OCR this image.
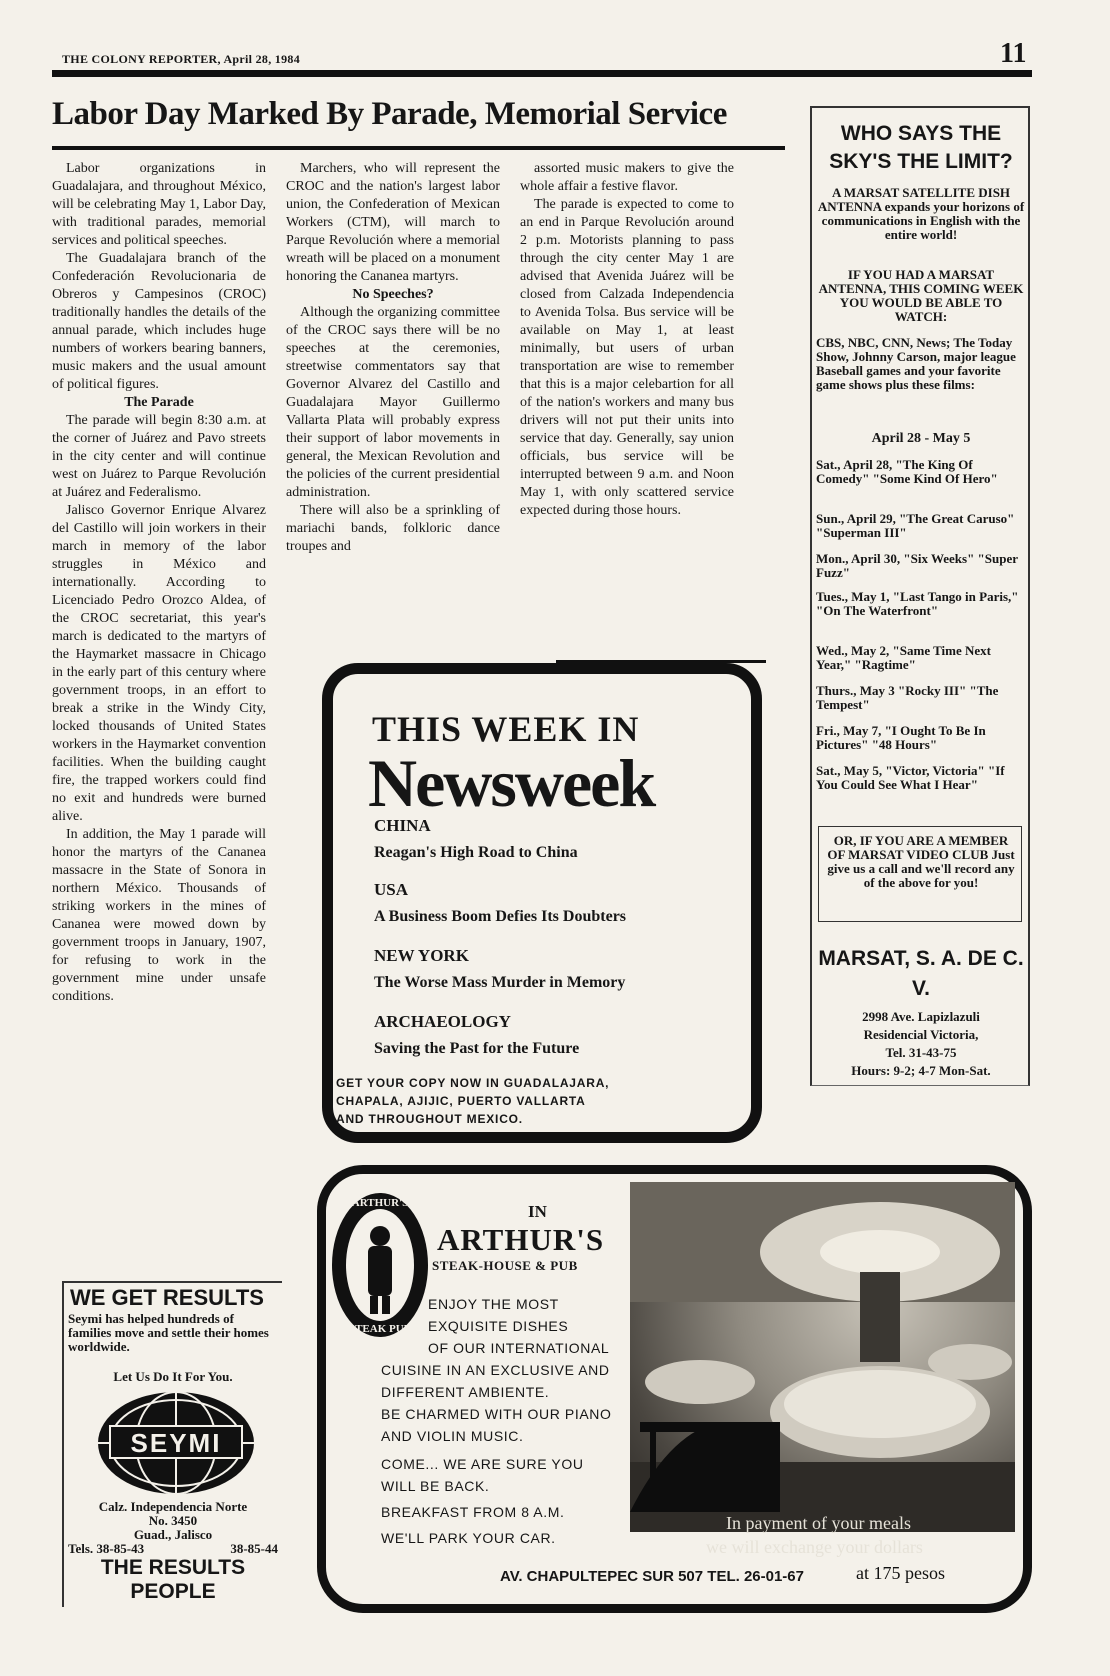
THE COLONY REPORTER, April 28, 1984	11
Labor Day Marked By Parade, Memorial Service

Labor organizations in Guadalajara, and throughout México, will be celebrating May 1, Labor Day, with traditional parades, memorial services and political speeches.

The Guadalajara branch of the Confederación Revolucionaria de Obreros y Campesinos (CROC) traditionally handles the details of the annual parade, which includes huge numbers of workers bearing banners, music makers and the usual amount of political figures.

The Parade

The parade will begin 8:30 a.m. at the corner of Juárez and Pavo streets in the city center and will continue west on Juárez to Parque Revolución at Juárez and Federalismo.

Jalisco Governor Enrique Alvarez del Castillo will join workers in their march in memory of the labor struggles in México and internationally. According to Licenciado Pedro Orozco Aldea, of the CROC secretariat, this year's march is dedicated to the martyrs of the Haymarket massacre in Chicago in the early part of this century where government troops, in an effort to break a strike in the Windy City, locked thousands of United States workers in the Haymarket convention facilities. When the building caught fire, the trapped workers could find no exit and hundreds were burned alive.

In addition, the May 1 parade will honor the martyrs of the Cananea massacre in the State of Sonora in northern México. Thousands of striking workers in the mines of Cananea were mowed down by government troops in January, 1907, for refusing to work in the government mine under unsafe conditions.

Marchers, who will represent the CROC and the nation's largest labor union, the Confederation of Mexican Workers (CTM), will march to Parque Revolución where a memorial wreath will be placed on a monument honoring the Cananea martyrs.

No Speeches?

Although the organizing committee of the CROC says there will be no speeches at the ceremonies, streetwise commentators say that Governor Alvarez del Castillo and Guadalajara Mayor Guillermo Vallarta Plata will probably express their support of labor movements in general, the Mexican Revolution and the policies of the current presidential administration.

There will also be a sprinkling of mariachi bands, folkloric dance troupes and

assorted music makers to give the whole affair a festive flavor.

The parade is expected to come to an end in Parque Revolución around 2 p.m. Motorists planning to pass through the city center May 1 are advised that Avenida Juárez will be closed from Calzada Independencia to Avenida Tolsa. Bus service will be available on May 1, at least minimally, but users of urban transportation are wise to remember that this is a major celebartion for all of the nation's workers and many bus drivers will not put their units into service that day. Generally, say union officials, bus service will be interrupted between 9 a.m. and Noon May 1, with only scattered service expected during those hours.

THIS WEEK IN
Newsweek
CHINA
Reagan's High Road to China
USA
A Business Boom Defies Its Doubters
NEW YORK
The Worse Mass Murder in Memory
ARCHAEOLOGY
Saving the Past for the Future
GET YOUR COPY NOW IN GUADALAJARA,
CHAPALA, AJIJIC, PUERTO VALLARTA
AND THROUGHOUT MEXICO.
WHO SAYS THE SKY'S THE LIMIT?
A MARSAT SATELLITE DISH ANTENNA expands your horizons of communications in English with the entire world!
IF YOU HAD A MARSAT ANTENNA, THIS COMING WEEK YOU WOULD BE ABLE TO WATCH:
CBS, NBC, CNN, News; The Today Show, Johnny Carson, major league Baseball games and your favorite game shows plus these films:
April 28 - May 5
Sat., April 28, "The King Of Comedy" "Some Kind Of Hero"
Sun., April 29, "The Great Caruso" "Superman III"
Mon., April 30, "Six Weeks" "Super Fuzz"
Tues., May 1, "Last Tango in Paris," "On The Waterfront"
Wed., May 2, "Same Time Next Year," "Ragtime"
Thurs., May 3 "Rocky III" "The Tempest"
Fri., May 7, "I Ought To Be In Pictures" "48 Hours"
Sat., May 5, "Victor, Victoria" "If You Could See What I Hear"
OR, IF YOU ARE A MEMBER OF MARSAT VIDEO CLUB Just give us a call and we'll record any of the above for you!
MARSAT, S. A. DE C. V.
2998 Ave. Lapizlazuli
Residencial Victoria,
Tel. 31-43-75
Hours: 9-2; 4-7 Mon-Sat.
WE GET RESULTS
Seymi has helped hundreds of families move and settle their homes worldwide.
Let Us Do It For You.
SEYMI
Calz. Independencia Norte
No. 3450
Guad., Jalisco
Tels. 38-85-43	38-85-44
THE RESULTS PEOPLE
ARTHUR'S
STEAK PUB
IN
ARTHUR'S
STEAK-HOUSE & PUB
ENJOY THE MOST
EXQUISITE DISHES
OF OUR INTERNATIONAL
CUISINE IN AN EXCLUSIVE AND
DIFFERENT AMBIENTE.
BE CHARMED WITH OUR PIANO
AND VIOLIN MUSIC.
COME... WE ARE SURE YOU
WILL BE BACK.
BREAKFAST FROM 8 A.M.
WE'LL PARK YOUR CAR.
In payment of your meals
we will exchange your dollars
at 175 pesos
AV. CHAPULTEPEC SUR 507 TEL. 26-01-67
